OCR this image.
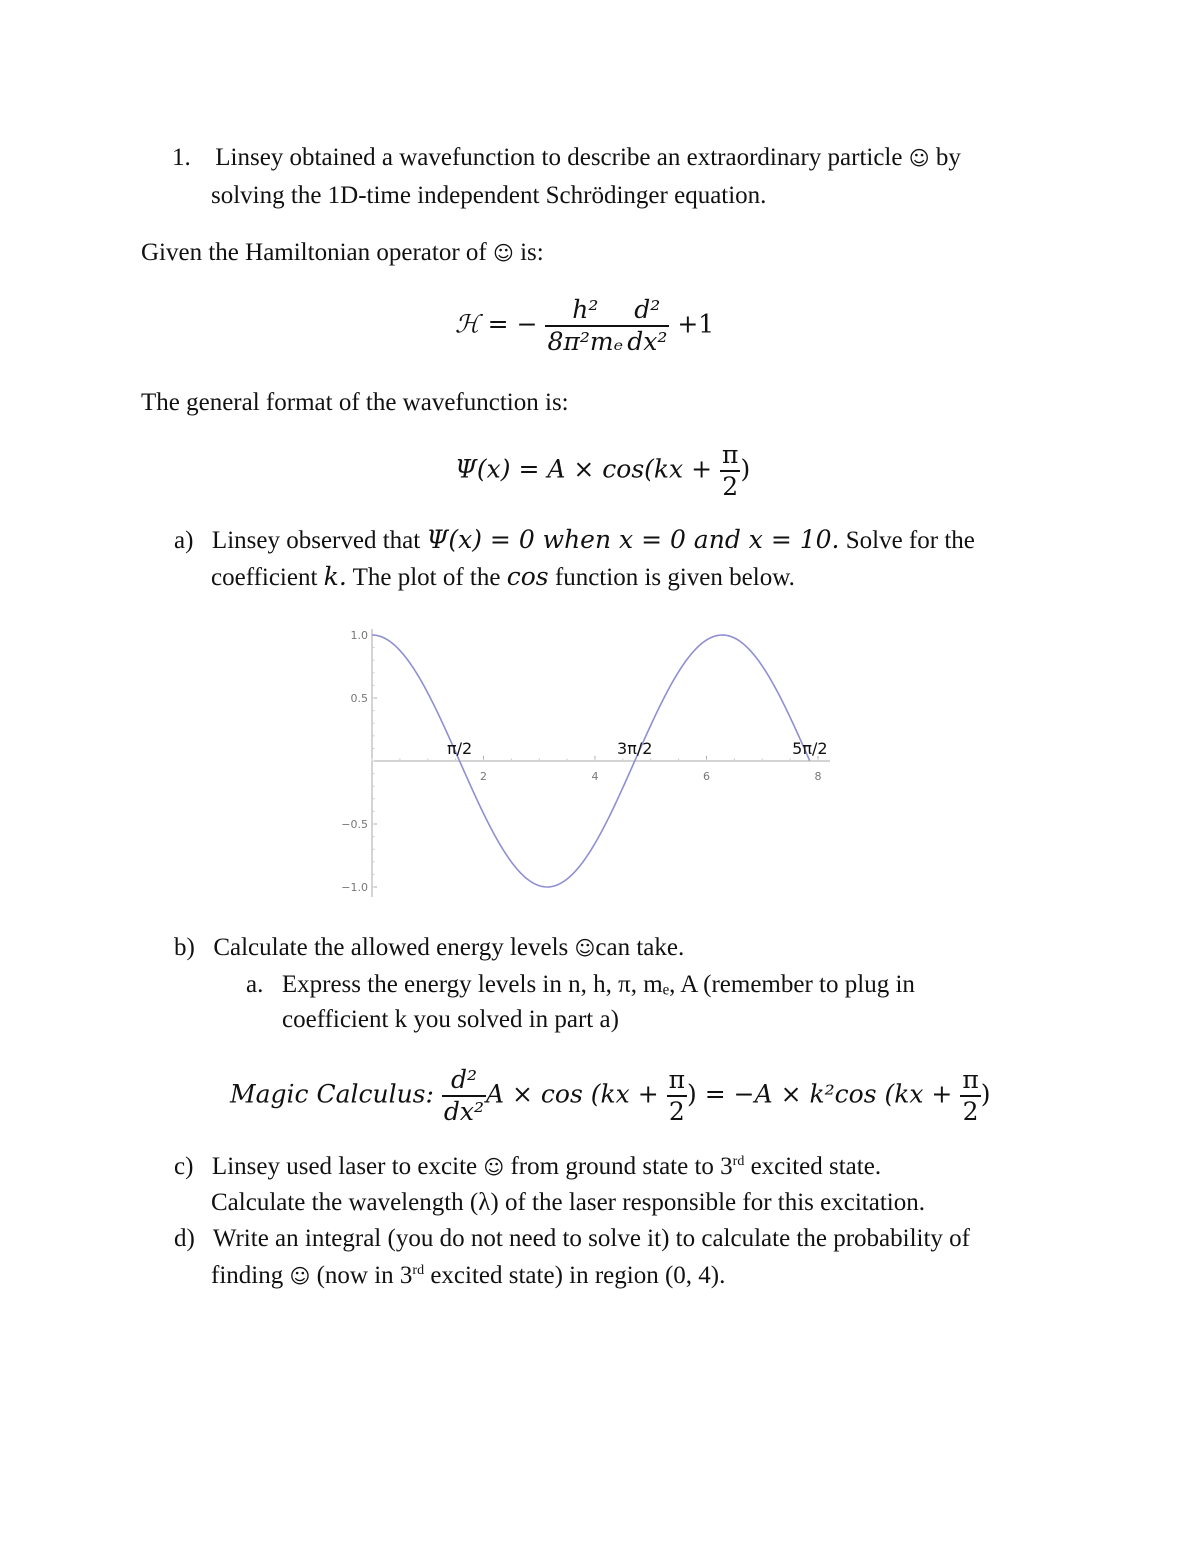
1. Linsey obtained a wavefunction to describe an extraordinary particle ☺ by
solving the 1D-time independent Schrödinger equation.
Given the Hamiltonian operator of ☺ is:
ℋ = − $\frac{\text{h²}}{\text{8π²mₑ}} \frac{\text{d²}}{\text{dx²}} +1$
The general format of the wavefunction is:
$\Psi(x) = A \times \cos(kx + \frac{\pi}{2}$ )
a) Linsey observed that Ψ(x) = 0 when x = 0 and x = 10. Solve for the
coefficient k. The plot of the cos function is given below.
1.0
0.5
−0.5
−1.0
2	4	6	8
π/2	3π/2	5π/2
b) Calculate the allowed energy levels ☺can take.
a. Express the energy levels in n, h, π, mₑ, A (remember to plug in
coefficient k you solved in part a)
Magic Calculus: $\frac{\text{d²}}{\text{dx²}}$ $A \times \cos (kx + \frac{\pi}{2}$ ) = −A × k²cos ($kx + \frac{\pi}{2}$ )
c) Linsey used laser to excite ☺ from ground state to 3rd excited state.
Calculate the wavelength (λ) of the laser responsible for this excitation.
d) Write an integral (you do not need to solve it) to calculate the probability of
finding ☺ (now in 3rd excited state) in region (0, 4).
